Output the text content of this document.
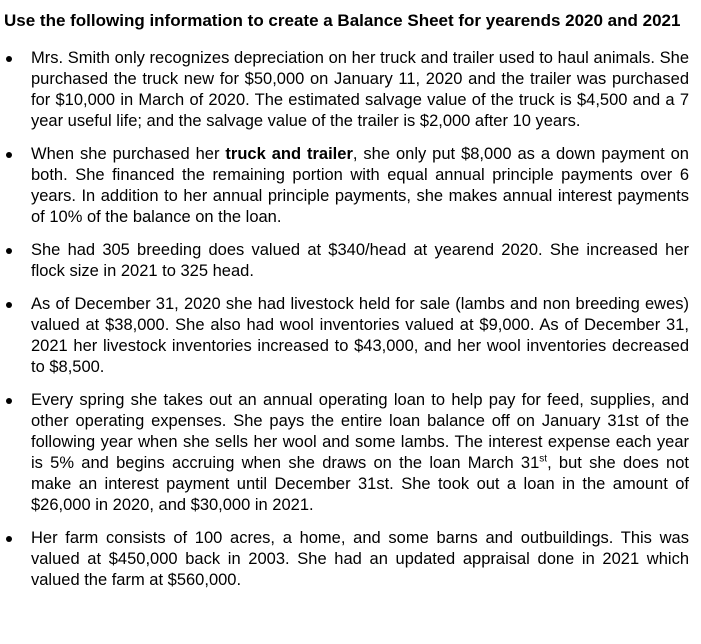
Use the following information to create a Balance Sheet for yearends 2020 and 2021
Mrs. Smith only recognizes depreciation on her truck and trailer used to haul animals. She purchased the truck new for $50,000 on January 11, 2020 and the trailer was purchased for $10,000 in March of 2020. The estimated salvage value of the truck is $4,500 and a 7 year useful life; and the salvage value of the trailer is $2,000 after 10 years.
When she purchased her truck and trailer, she only put $8,000 as a down payment on both. She financed the remaining portion with equal annual principle payments over 6 years. In addition to her annual principle payments, she makes annual interest payments of 10% of the balance on the loan.
She had 305 breeding does valued at $340/head at yearend 2020. She increased her flock size in 2021 to 325 head.
As of December 31, 2020 she had livestock held for sale (lambs and non breeding ewes) valued at $38,000. She also had wool inventories valued at $9,000. As of December 31, 2021 her livestock inventories increased to $43,000, and her wool inventories decreased to $8,500.
Every spring she takes out an annual operating loan to help pay for feed, supplies, and other operating expenses. She pays the entire loan balance off on January 31st of the following year when she sells her wool and some lambs. The interest expense each year is 5% and begins accruing when she draws on the loan March 31st, but she does not make an interest payment until December 31st. She took out a loan in the amount of $26,000 in 2020, and $30,000 in 2021.
Her farm consists of 100 acres, a home, and some barns and outbuildings. This was valued at $450,000 back in 2003. She had an updated appraisal done in 2021 which valued the farm at $560,000.
